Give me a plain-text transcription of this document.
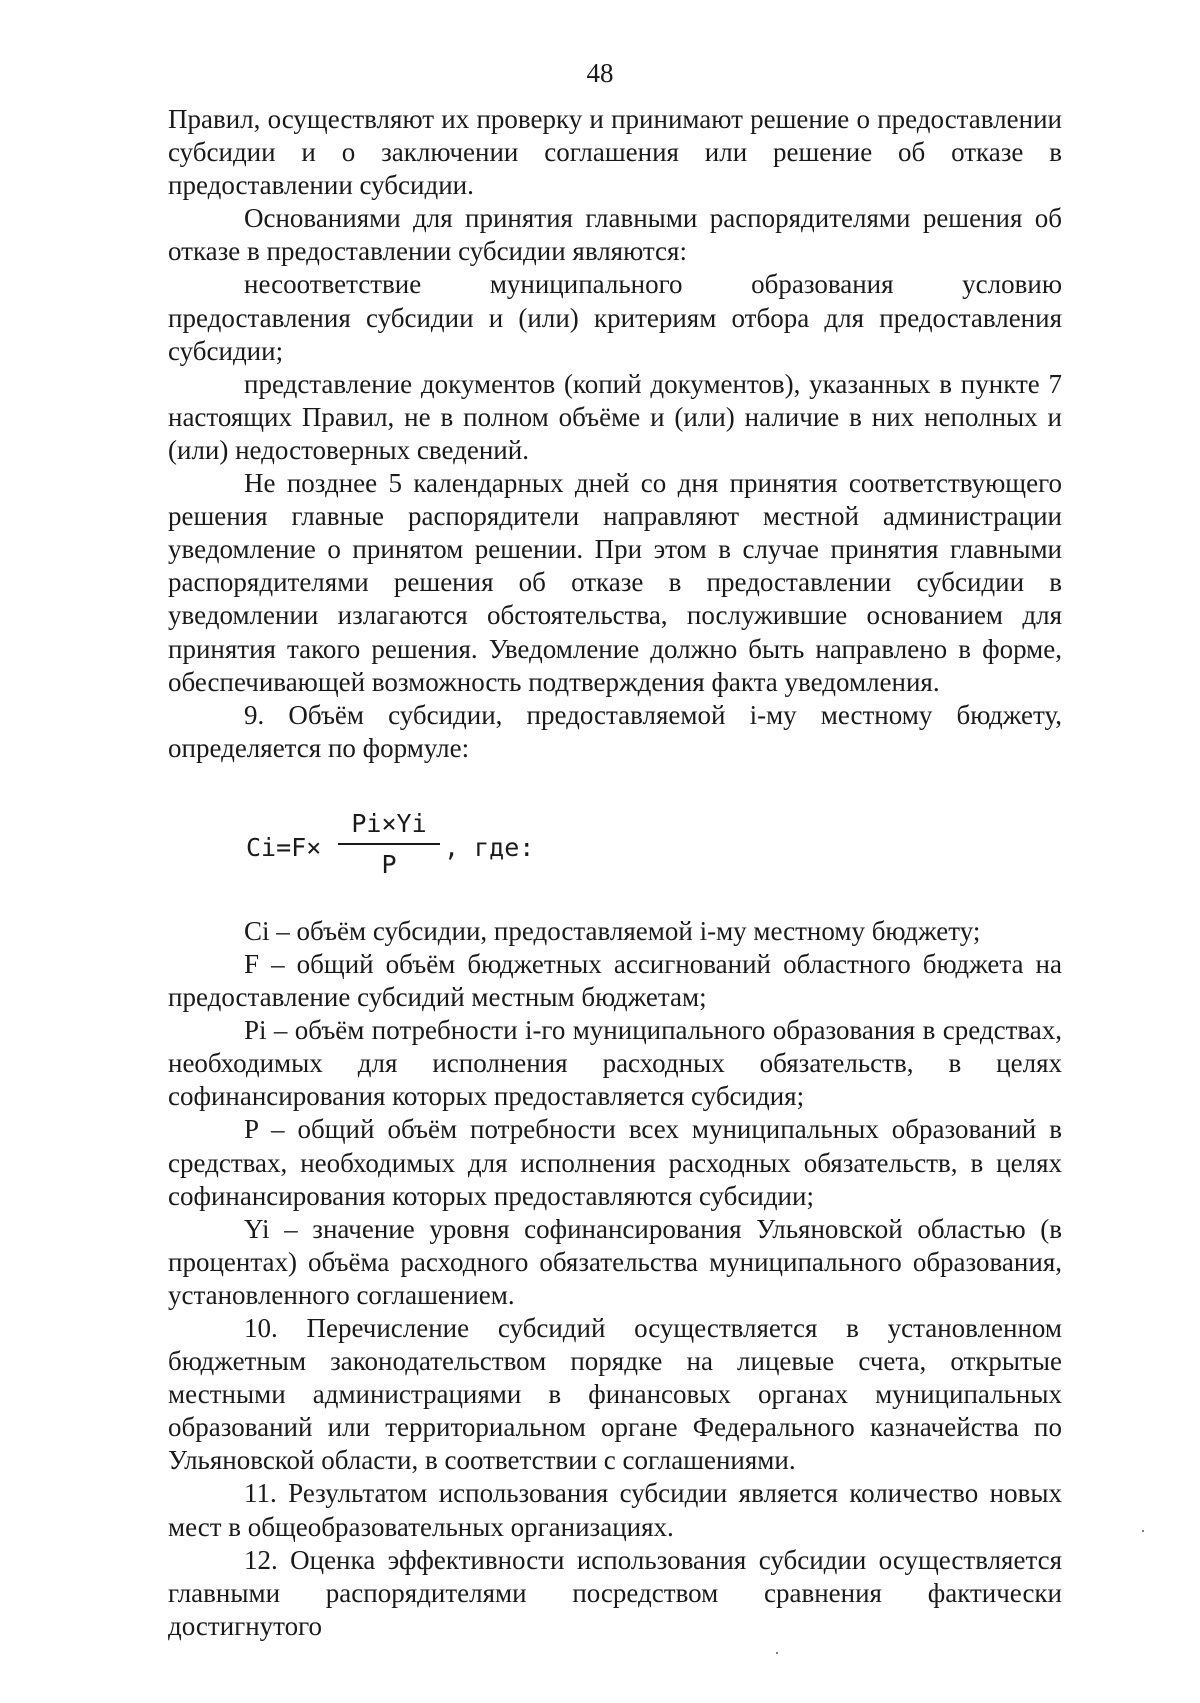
48

Правил, осуществляют их проверку и принимают решение о предоставлении субсидии и о заключении соглашения или решение об отказе в предоставлении субсидии.

Основаниями для принятия главными распорядителями решения об отказе в предоставлении субсидии являются:

несоответствие муниципального образования условию предоставления субсидии и (или) критериям отбора для предоставления субсидии;

представление документов (копий документов), указанных в пункте 7 настоящих Правил, не в полном объёме и (или) наличие в них неполных и (или) недостоверных сведений.

Не позднее 5 календарных дней со дня принятия соответствующего решения главные распорядители направляют местной администрации уведомление о принятом решении. При этом в случае принятия главными распорядителями решения об отказе в предоставлении субсидии в уведомлении излагаются обстоятельства, послужившие основанием для принятия такого решения. Уведомление должно быть направлено в форме, обеспечивающей возможность подтверждения факта уведомления.

9. Объём субсидии, предоставляемой i-му местному бюджету, определяется по формуле:

$Ci=F\times \frac{Pi\times Yi}{P}$ , где:

Ci – объём субсидии, предоставляемой i-му местному бюджету;

F – общий объём бюджетных ассигнований областного бюджета на предоставление субсидий местным бюджетам;

Pi – объём потребности i-го муниципального образования в средствах, необходимых для исполнения расходных обязательств, в целях софинансирования которых предоставляется субсидия;

P – общий объём потребности всех муниципальных образований в средствах, необходимых для исполнения расходных обязательств, в целях софинансирования которых предоставляются субсидии;

Yi – значение уровня софинансирования Ульяновской областью (в процентах) объёма расходного обязательства муниципального образования, установленного соглашением.

10. Перечисление субсидий осуществляется в установленном бюджетным законодательством порядке на лицевые счета, открытые местными администрациями в финансовых органах муниципальных образований или территориальном органе Федерального казначейства по Ульяновской области, в соответствии с соглашениями.

11. Результатом использования субсидии является количество новых мест в общеобразовательных организациях.

12. Оценка эффективности использования субсидии осуществляется главными распорядителями посредством сравнения фактически достигнутого
